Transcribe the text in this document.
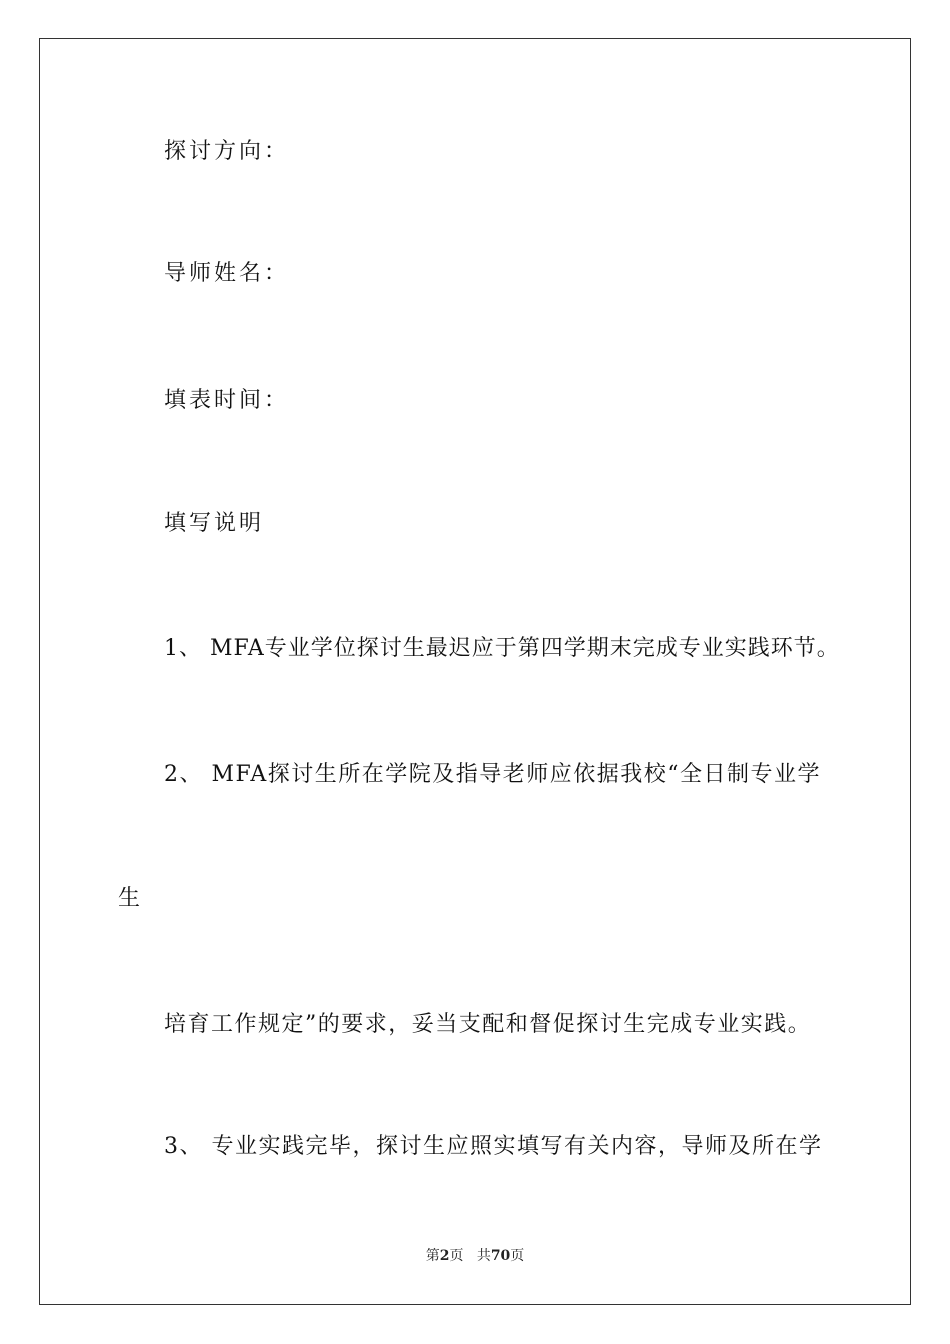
探讨方向：
导师姓名：
填表时间：
填写说明
1、 MFA专业学位探讨生最迟应于第四学期末完成专业实践环节。
2、 MFA探讨生所在学院及指导老师应依据我校“全日制专业学
生
培育工作规定”的要求，妥当支配和督促探讨生完成专业实践。
3、 专业实践完毕，探讨生应照实填写有关内容，导师及所在学
第2页 共70页
